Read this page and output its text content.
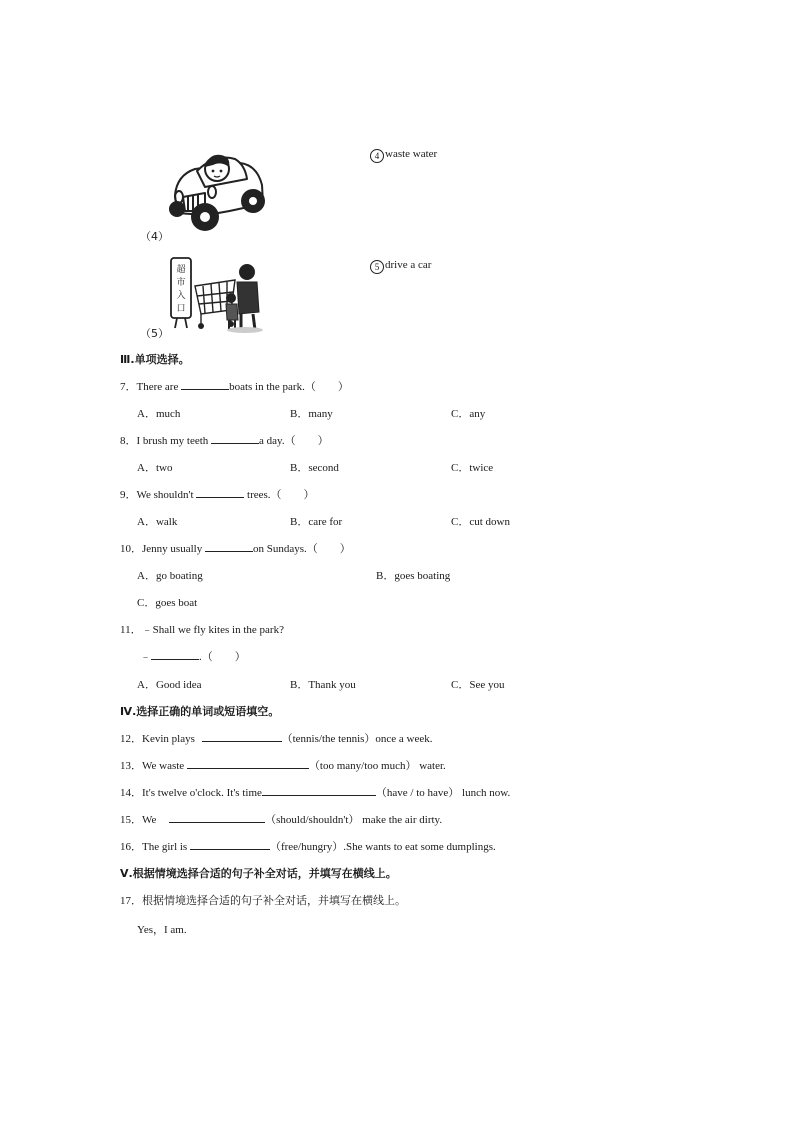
超
市
入
口
（4）
4 waste water
（5）
5 drive a car
Ⅲ.单项选择。
7．There are	boats in the park.（　　）
A．much	B．many	C．any
8．I brush my teeth	a day.（　　）
A．two	B．second	C．twice
9．We shouldn't	trees.（　　）
A．walk	B．care for	C．cut down
10．Jenny usually	on Sundays.（　　）
A．go boating	B．goes boating
C．goes boat
11．﹣Shall we fly kites in the park?
﹣	.（　　）
A．Good idea	B．Thank you	C．See you
Ⅳ.选择正确的单词或短语填空。
12．Kevin plays	（tennis/the tennis）once a week.
13．We waste	（too many/too much） water.
14．It's twelve o'clock. It's time	（have / to have） lunch now.
15．We	（should/shouldn't） make the air dirty.
16．The girl is	（free/hungry）.She wants to eat some dumplings.
Ⅴ.根据情境选择合适的句子补全对话，并填写在横线上。
17．根据情境选择合适的句子补全对话，并填写在横线上。
Yes，I am.
